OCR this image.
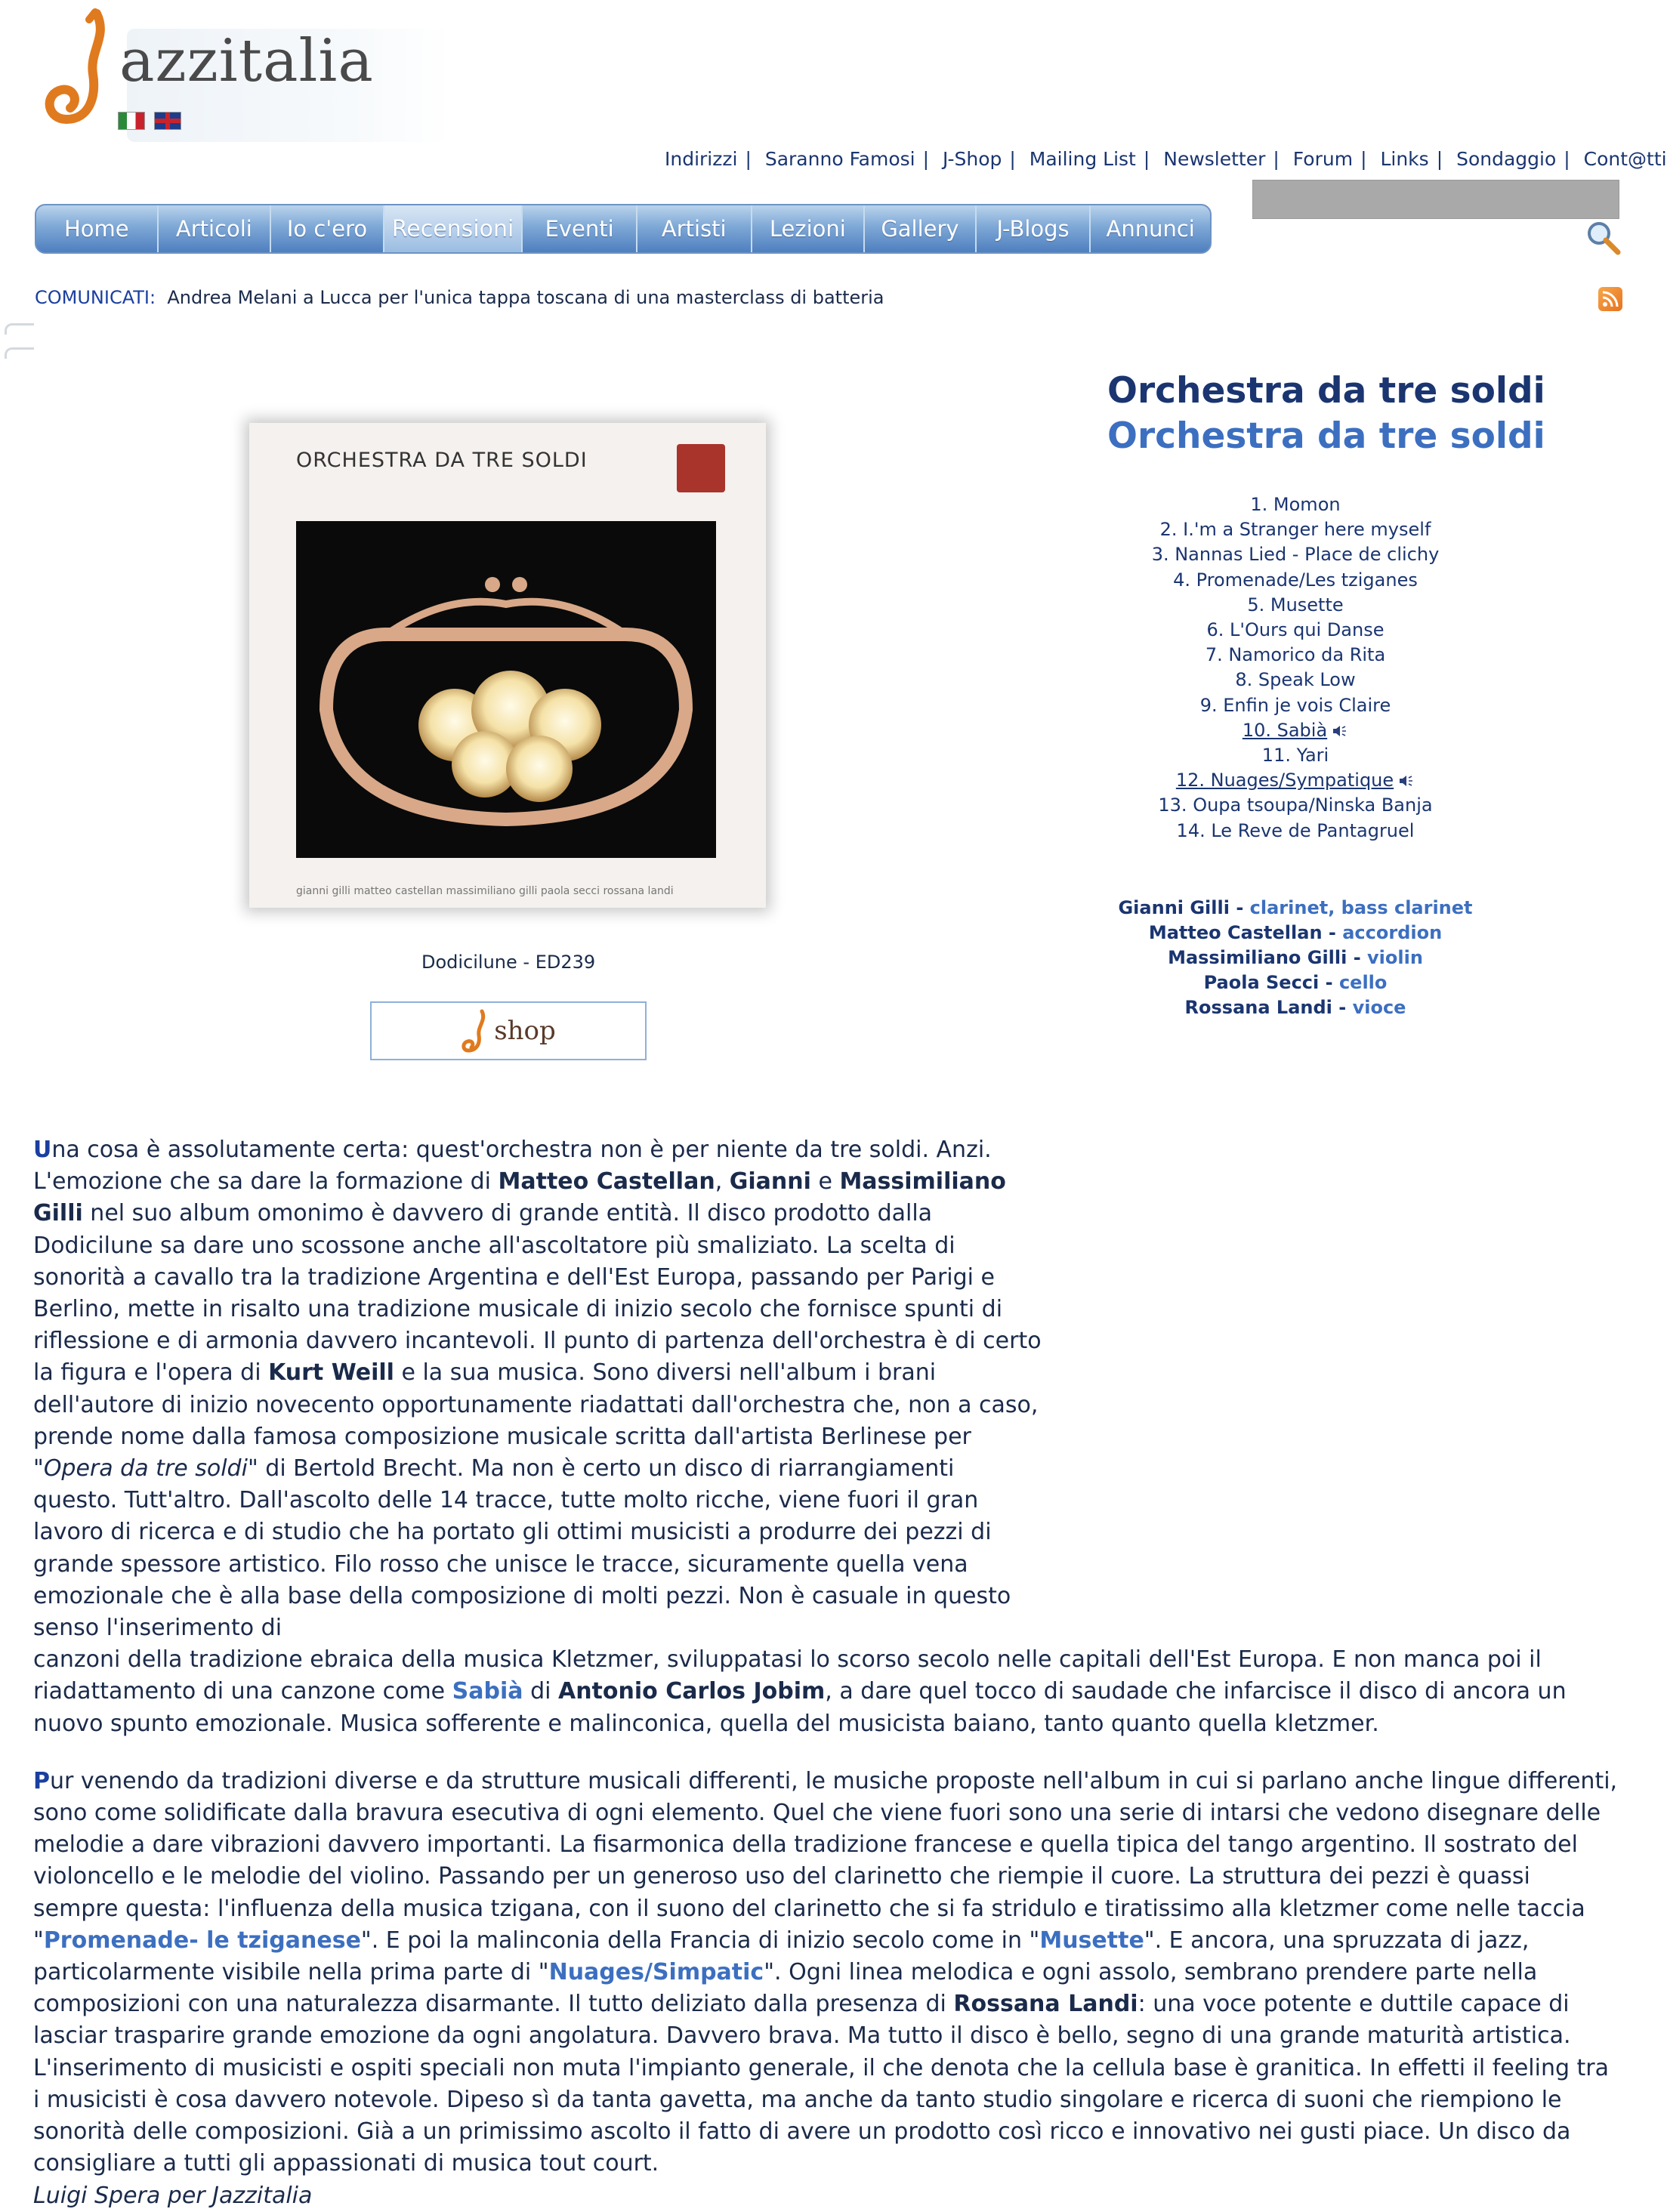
azzitalia
Indirizzi | Saranno Famosi | J-Shop | Mailing List | Newsletter | Forum | Links | Sondaggio | Cont@tti
Home	Articoli	Io c'ero	Recensioni	Eventi	Artisti	Lezioni	Gallery	J-Blogs	Annunci
COMUNICATI: Andrea Melani a Lucca per l'unica tappa toscana di una masterclass di batteria
ORCHESTRA DA TRE SOLDI
gianni gilli matteo castellan massimiliano gilli paola secci rossana landi
Dodicilune - ED239
shop
Orchestra da tre soldi
Orchestra da tre soldi
1. Momon
2. I.'m a Stranger here myself
3. Nannas Lied - Place de clichy
4. Promenade/Les tziganes
5. Musette
6. L'Ours qui Danse
7. Namorico da Rita
8. Speak Low
9. Enfin je vois Claire
10. Sabià
11. Yari
12. Nuages/Sympatique
13. Oupa tsoupa/Ninska Banja
14. Le Reve de Pantagruel
Gianni Gilli - clarinet, bass clarinet
Matteo Castellan - accordion
Massimiliano Gilli - violin
Paola Secci - cello
Rossana Landi - vioce

Una cosa è assolutamente certa: quest'orchestra non è per niente da tre soldi. Anzi. L'emozione che sa dare la formazione di Matteo Castellan, Gianni e Massimiliano Gilli nel suo album omonimo è davvero di grande entità. Il disco prodotto dalla Dodicilune sa dare uno scossone anche all'ascoltatore più smaliziato. La scelta di sonorità a cavallo tra la tradizione Argentina e dell'Est Europa, passando per Parigi e Berlino, mette in risalto una tradizione musicale di inizio secolo che fornisce spunti di riflessione e di armonia davvero incantevoli. Il punto di partenza dell'orchestra è di certo la figura e l'opera di Kurt Weill e la sua musica. Sono diversi nell'album i brani dell'autore di inizio novecento opportunamente riadattati dall'orchestra che, non a caso, prende nome dalla famosa composizione musicale scritta dall'artista Berlinese per "Opera da tre soldi" di Bertold Brecht. Ma non è certo un disco di riarrangiamenti questo. Tutt'altro. Dall'ascolto delle 14 tracce, tutte molto ricche, viene fuori il gran lavoro di ricerca e di studio che ha portato gli ottimi musicisti a produrre dei pezzi di grande spessore artistico. Filo rosso che unisce le tracce, sicuramente quella vena emozionale che è alla base della composizione di molti pezzi. Non è casuale in questo senso l'inserimento di
canzoni della tradizione ebraica della musica Kletzmer, sviluppatasi lo scorso secolo nelle capitali dell'Est Europa. E non manca poi il riadattamento di una canzone come Sabià di Antonio Carlos Jobim, a dare quel tocco di saudade che infarcisce il disco di ancora un nuovo spunto emozionale. Musica sofferente e malinconica, quella del musicista baiano, tanto quanto quella kletzmer.

Pur venendo da tradizioni diverse e da strutture musicali differenti, le musiche proposte nell'album in cui si parlano anche lingue differenti, sono come solidificate dalla bravura esecutiva di ogni elemento. Quel che viene fuori sono una serie di intarsi che vedono disegnare delle melodie a dare vibrazioni davvero importanti. La fisarmonica della tradizione francese e quella tipica del tango argentino. Il sostrato del violoncello e le melodie del violino. Passando per un generoso uso del clarinetto che riempie il cuore. La struttura dei pezzi è quassi sempre questa: l'influenza della musica tzigana, con il suono del clarinetto che si fa stridulo e tiratissimo alla kletzmer come nelle taccia "Promenade- le tziganese". E poi la malinconia della Francia di inizio secolo come in "Musette". E ancora, una spruzzata di jazz, particolarmente visibile nella prima parte di "Nuages/Simpatic". Ogni linea melodica e ogni assolo, sembrano prendere parte nella composizioni con una naturalezza disarmante. Il tutto deliziato dalla presenza di Rossana Landi: una voce potente e duttile capace di lasciar trasparire grande emozione da ogni angolatura. Davvero brava. Ma tutto il disco è bello, segno di una grande maturità artistica. L'inserimento di musicisti e ospiti speciali non muta l'impianto generale, il che denota che la cellula base è granitica. In effetti il feeling tra i musicisti è cosa davvero notevole. Dipeso sì da tanta gavetta, ma anche da tanto studio singolare e ricerca di suoni che riempiono le sonorità delle composizioni. Già a un primissimo ascolto il fatto di avere un prodotto così ricco e innovativo nei gusti piace. Un disco da consigliare a tutti gli appassionati di musica tout court.
Luigi Spera per Jazzitalia
